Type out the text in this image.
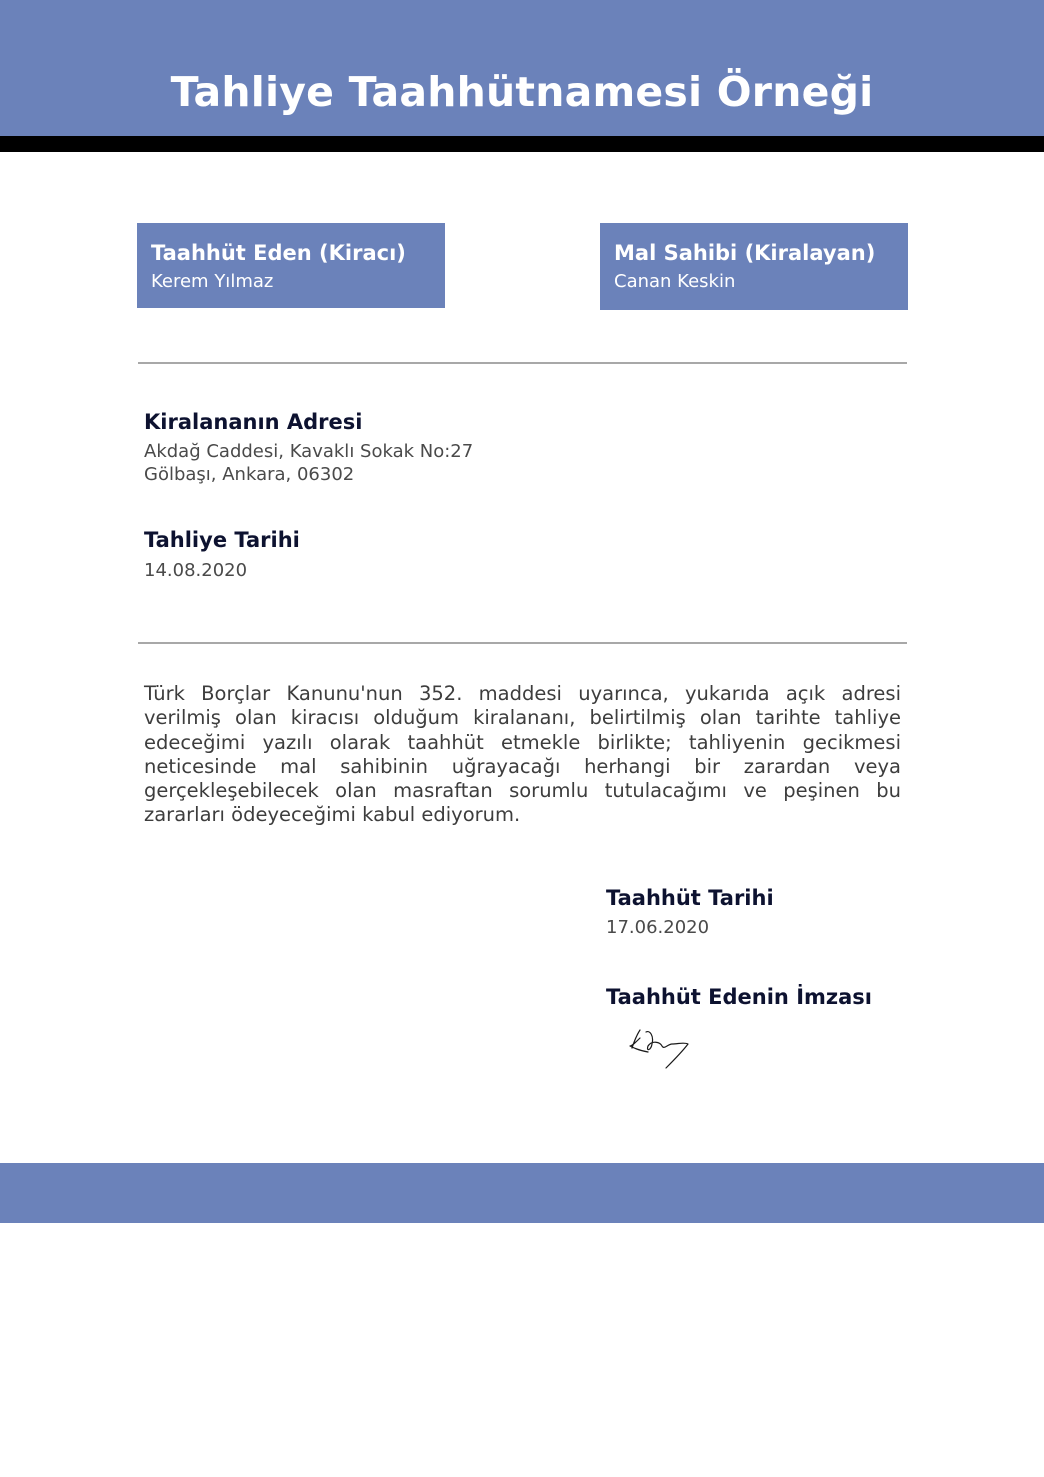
Tahliye Taahhütnamesi Örneği
Taahhüt Eden (Kiracı)
Kerem Yılmaz
Mal Sahibi (Kiralayan)
Canan Keskin
Kiralananın Adresi
Akdağ Caddesi, Kavaklı Sokak No:27
Gölbaşı, Ankara, 06302
Tahliye Tarihi
14.08.2020
Türk Borçlar Kanunu'nun 352. maddesi uyarınca, yukarıda açık adresi verilmiş olan kiracısı olduğum kiralananı, belirtilmiş olan tarihte tahliye edeceğimi yazılı olarak taahhüt etmekle birlikte; tahliyenin gecikmesi neticesinde mal sahibinin uğrayacağı herhangi bir zarardan veya gerçekleşebilecek olan masraftan sorumlu tutulacağımı ve peşinen bu zararları ödeyeceğimi kabul ediyorum.
Taahhüt Tarihi
17.06.2020
Taahhüt Edenin İmzası
